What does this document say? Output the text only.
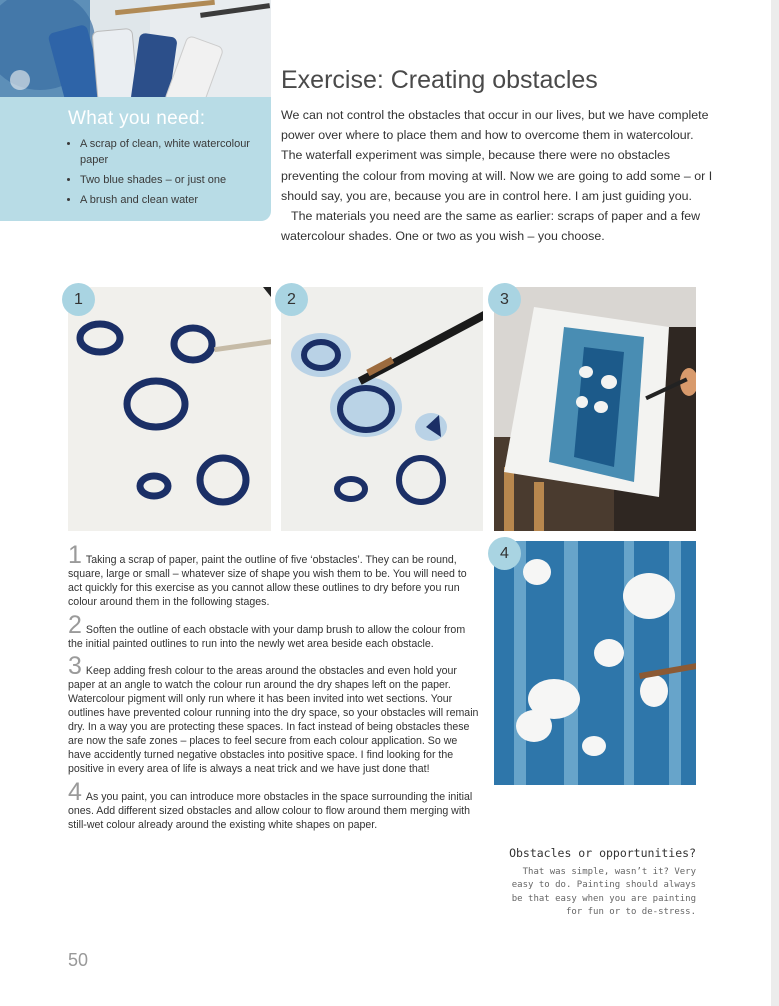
What you need:
• A scrap of clean, white watercolour paper
• Two blue shades – or just one
• A brush and clean water
Exercise: Creating obstacles

We can not control the obstacles that occur in our lives, but we have complete power over where to place them and how to overcome them in watercolour. The waterfall experiment was simple, because there were no obstacles preventing the colour from moving at will. Now we are going to add some – or I should say, you are, because you are in control here. I am just guiding you.

The materials you need are the same as earlier: scraps of paper and a few watercolour shades. One or two as you wish – you choose.

1	2	3
4
1 Taking a scrap of paper, paint the outline of five ‘obstacles’. They can be round, square, large or small – whatever size of shape you wish them to be. You will need to act quickly for this exercise as you cannot allow these outlines to dry before you run colour around them in the following stages.
2 Soften the outline of each obstacle with your damp brush to allow the colour from the initial painted outlines to run into the newly wet area beside each obstacle.
3 Keep adding fresh colour to the areas around the obstacles and even hold your paper at an angle to watch the colour run around the dry shapes left on the paper. Watercolour pigment will only run where it has been invited into wet sections. Your outlines have prevented colour running into the dry space, so your obstacles will remain dry. In a way you are protecting these spaces. In fact instead of being obstacles these are now the safe zones – places to feel secure from each colour application. So we have accidently turned negative obstacles into positive space. I find looking for the positive in every area of life is always a neat trick and we have just done that!
4 As you paint, you can introduce more obstacles in the space surrounding the initial ones. Add different sized obstacles and allow colour to flow around them merging with still-wet colour already around the existing white shapes on paper.
Obstacles or opportunities?
That was simple, wasn’t it? Very easy to do. Painting should always be that easy when you are painting for fun or to de-stress.
50
